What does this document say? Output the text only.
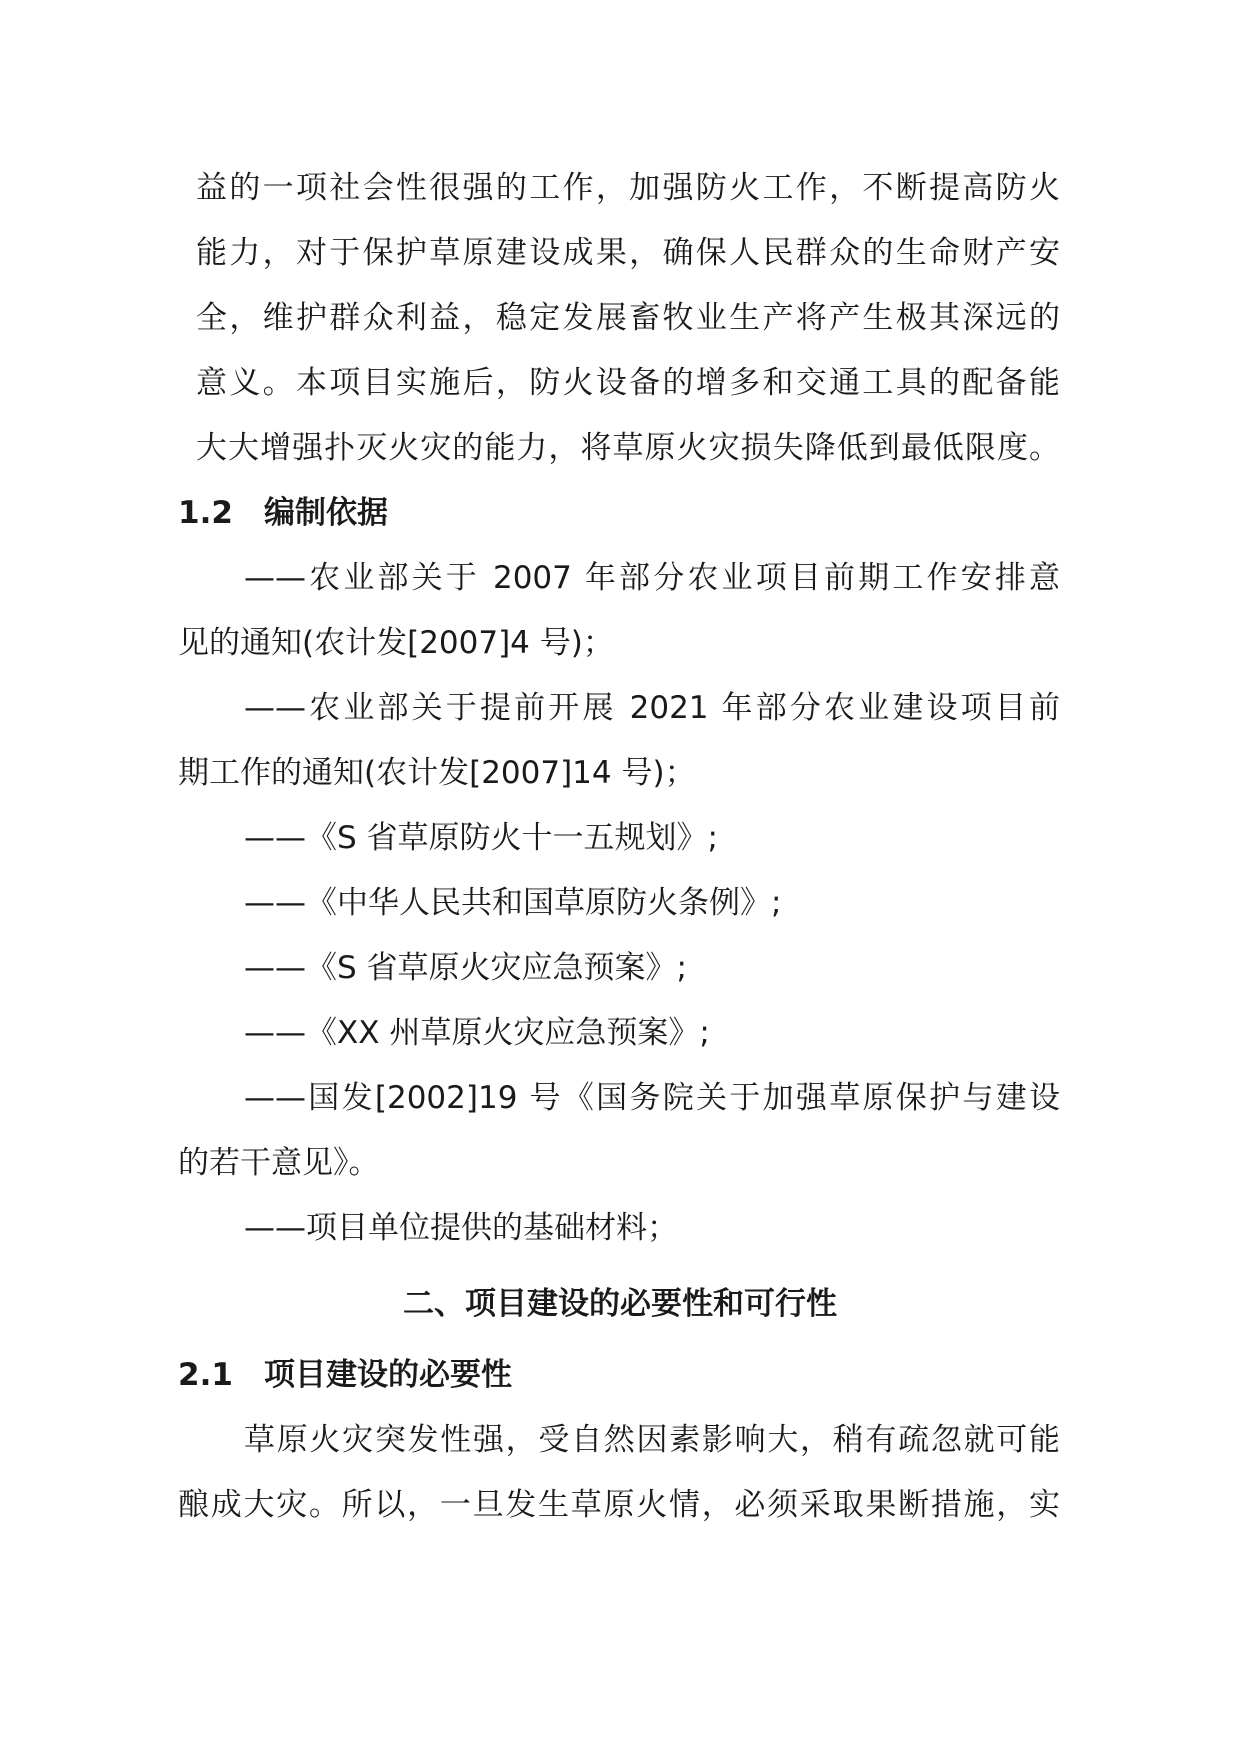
益的一项社会性很强的工作，加强防火工作，不断提高防火
能力，对于保护草原建设成果，确保人民群众的生命财产安
全，维护群众利益，稳定发展畜牧业生产将产生极其深远的
意义。本项目实施后，防火设备的增多和交通工具的配备能
大大增强扑灭火灾的能力，将草原火灾损失降低到最低限度。
1.2 编制依据
——农业部关于 2007 年部分农业项目前期工作安排意
见的通知(农计发[2007]4 号)；
——农业部关于提前开展 2021 年部分农业建设项目前
期工作的通知(农计发[2007]14 号)；
——《S 省草原防火十一五规划》;
——《中华人民共和国草原防火条例》;
——《S 省草原火灾应急预案》;
——《XX 州草原火灾应急预案》;
——国发[2002]19 号《国务院关于加强草原保护与建设
的若干意见》。
——项目单位提供的基础材料；
二、项目建设的必要性和可行性
2.1 项目建设的必要性
草原火灾突发性强，受自然因素影响大，稍有疏忽就可能
酿成大灾。所以，一旦发生草原火情，必须采取果断措施，实
